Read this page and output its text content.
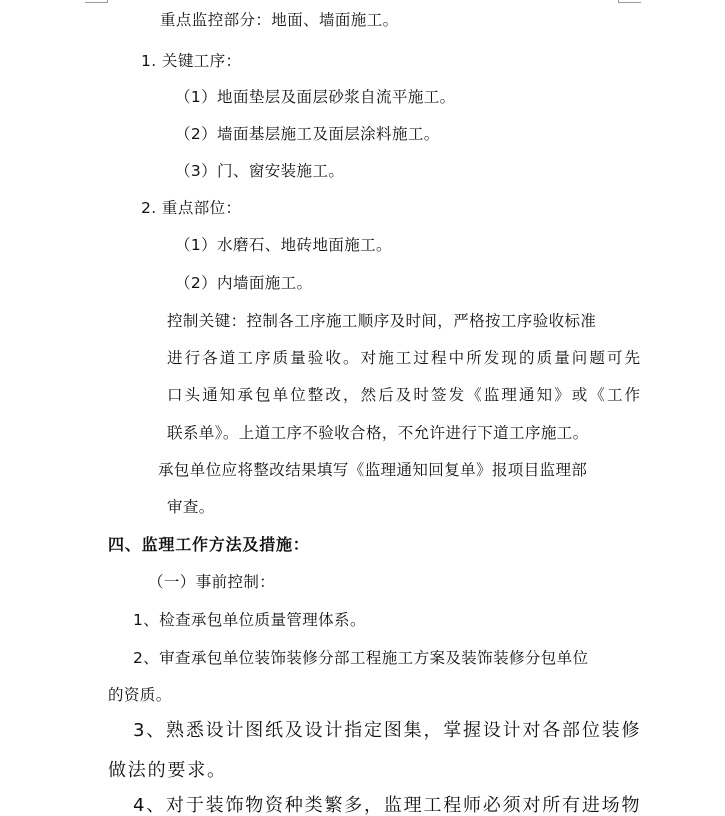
重点监控部分：地面、墙面施工。
1. 关键工序：
（1）地面垫层及面层砂浆自流平施工。
（2）墙面基层施工及面层涂料施工。
（3）门、窗安装施工。
2. 重点部位：
（1）水磨石、地砖地面施工。
（2）内墙面施工。
控制关键：控制各工序施工顺序及时间，严格按工序验收标准
进行各道工序质量验收。对施工过程中所发现的质量问题可先
口头通知承包单位整改，然后及时签发《监理通知》或《工作
联系单》。上道工序不验收合格，不允许进行下道工序施工。
承包单位应将整改结果填写《监理通知回复单》报项目监理部
审查。
四、监理工作方法及措施：
（一）事前控制：
1、检查承包单位质量管理体系。
2、审查承包单位装饰装修分部工程施工方案及装饰装修分包单位
的资质。
3、熟悉设计图纸及设计指定图集，掌握设计对各部位装修
做法的要求。
4、对于装饰物资种类繁多，监理工程师必须对所有进场物
